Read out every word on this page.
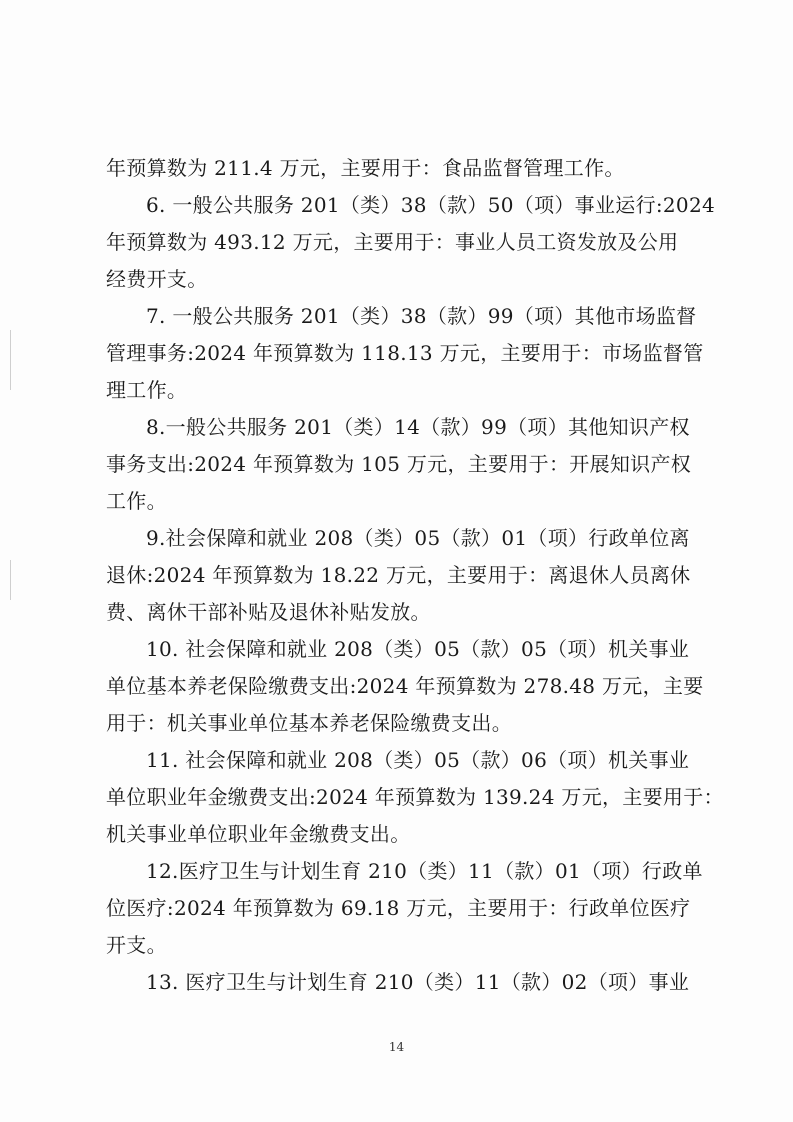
年预算数为 211.4 万元，主要用于：食品监督管理工作。
6. 一般公共服务 201（类）38（款）50（项）事业运行:2024
年预算数为 493.12 万元，主要用于：事业人员工资发放及公用
经费开支。
7. 一般公共服务 201（类）38（款）99（项）其他市场监督
管理事务:2024 年预算数为 118.13 万元，主要用于：市场监督管
理工作。
8.一般公共服务 201（类）14（款）99（项）其他知识产权
事务支出:2024 年预算数为 105 万元，主要用于：开展知识产权
工作。
9.社会保障和就业 208（类）05（款）01（项）行政单位离
退休:2024 年预算数为 18.22 万元，主要用于：离退休人员离休
费、离休干部补贴及退休补贴发放。
10. 社会保障和就业 208（类）05（款）05（项）机关事业
单位基本养老保险缴费支出:2024 年预算数为 278.48 万元，主要
用于：机关事业单位基本养老保险缴费支出。
11. 社会保障和就业 208（类）05（款）06（项）机关事业
单位职业年金缴费支出:2024 年预算数为 139.24 万元，主要用于：
机关事业单位职业年金缴费支出。
12.医疗卫生与计划生育 210（类）11（款）01（项）行政单
位医疗:2024 年预算数为 69.18 万元，主要用于：行政单位医疗
开支。
13. 医疗卫生与计划生育 210（类）11（款）02（项）事业
14
